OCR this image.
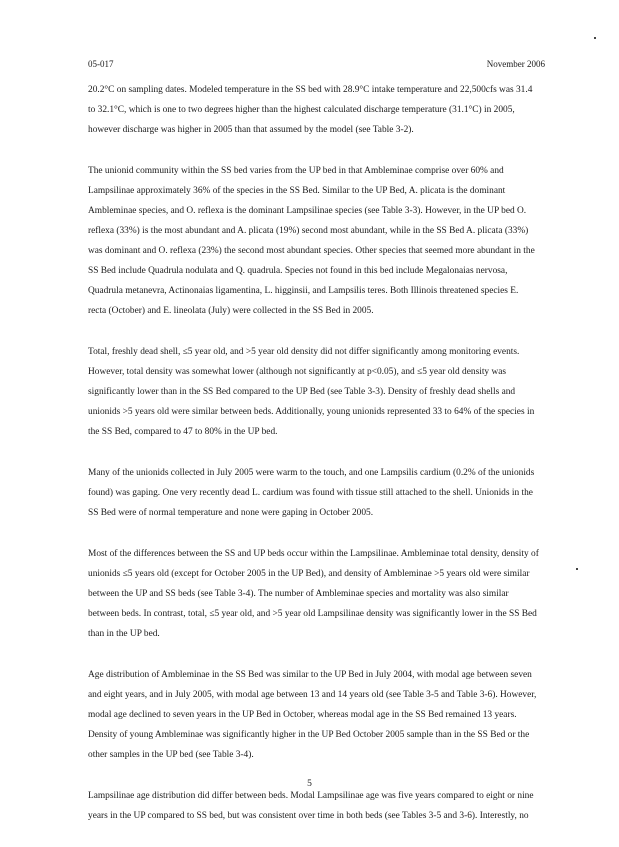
05-017	November 2006
20.2°C on sampling dates. Modeled temperature in the SS bed with 28.9°C intake temperature and 22,500cfs was 31.4
to 32.1°C, which is one to two degrees higher than the highest calculated discharge temperature (31.1°C) in 2005,
however discharge was higher in 2005 than that assumed by the model (see Table 3-2).
The unionid community within the SS bed varies from the UP bed in that Ambleminae comprise over 60% and
Lampsilinae approximately 36% of the species in the SS Bed. Similar to the UP Bed, A. plicata is the dominant
Ambleminae species, and O. reflexa is the dominant Lampsilinae species (see Table 3-3). However, in the UP bed O.
reflexa (33%) is the most abundant and A. plicata (19%) second most abundant, while in the SS Bed A. plicata (33%)
was dominant and O. reflexa (23%) the second most abundant species. Other species that seemed more abundant in the
SS Bed include Quadrula nodulata and Q. quadrula. Species not found in this bed include Megalonaias nervosa,
Quadrula metanevra, Actinonaias ligamentina, L. higginsii, and Lampsilis teres. Both Illinois threatened species E.
recta (October) and E. lineolata (July) were collected in the SS Bed in 2005.
Total, freshly dead shell, ≤5 year old, and >5 year old density did not differ significantly among monitoring events.
However, total density was somewhat lower (although not significantly at p<0.05), and ≤5 year old density was
significantly lower than in the SS Bed compared to the UP Bed (see Table 3-3). Density of freshly dead shells and
unionids >5 years old were similar between beds. Additionally, young unionids represented 33 to 64% of the species in
the SS Bed, compared to 47 to 80% in the UP bed.
Many of the unionids collected in July 2005 were warm to the touch, and one Lampsilis cardium (0.2% of the unionids
found) was gaping. One very recently dead L. cardium was found with tissue still attached to the shell. Unionids in the
SS Bed were of normal temperature and none were gaping in October 2005.
Most of the differences between the SS and UP beds occur within the Lampsilinae. Ambleminae total density, density of
unionids ≤5 years old (except for October 2005 in the UP Bed), and density of Ambleminae >5 years old were similar
between the UP and SS beds (see Table 3-4). The number of Ambleminae species and mortality was also similar
between beds. In contrast, total, ≤5 year old, and >5 year old Lampsilinae density was significantly lower in the SS Bed
than in the UP bed.
Age distribution of Ambleminae in the SS Bed was similar to the UP Bed in July 2004, with modal age between seven
and eight years, and in July 2005, with modal age between 13 and 14 years old (see Table 3-5 and Table 3-6). However,
modal age declined to seven years in the UP Bed in October, whereas modal age in the SS Bed remained 13 years.
Density of young Ambleminae was significantly higher in the UP Bed October 2005 sample than in the SS Bed or the
other samples in the UP bed (see Table 3-4).
Lampsilinae age distribution did differ between beds. Modal Lampsilinae age was five years compared to eight or nine
years in the UP compared to SS bed, but was consistent over time in both beds (see Tables 3-5 and 3-6). Interestly, no
5
